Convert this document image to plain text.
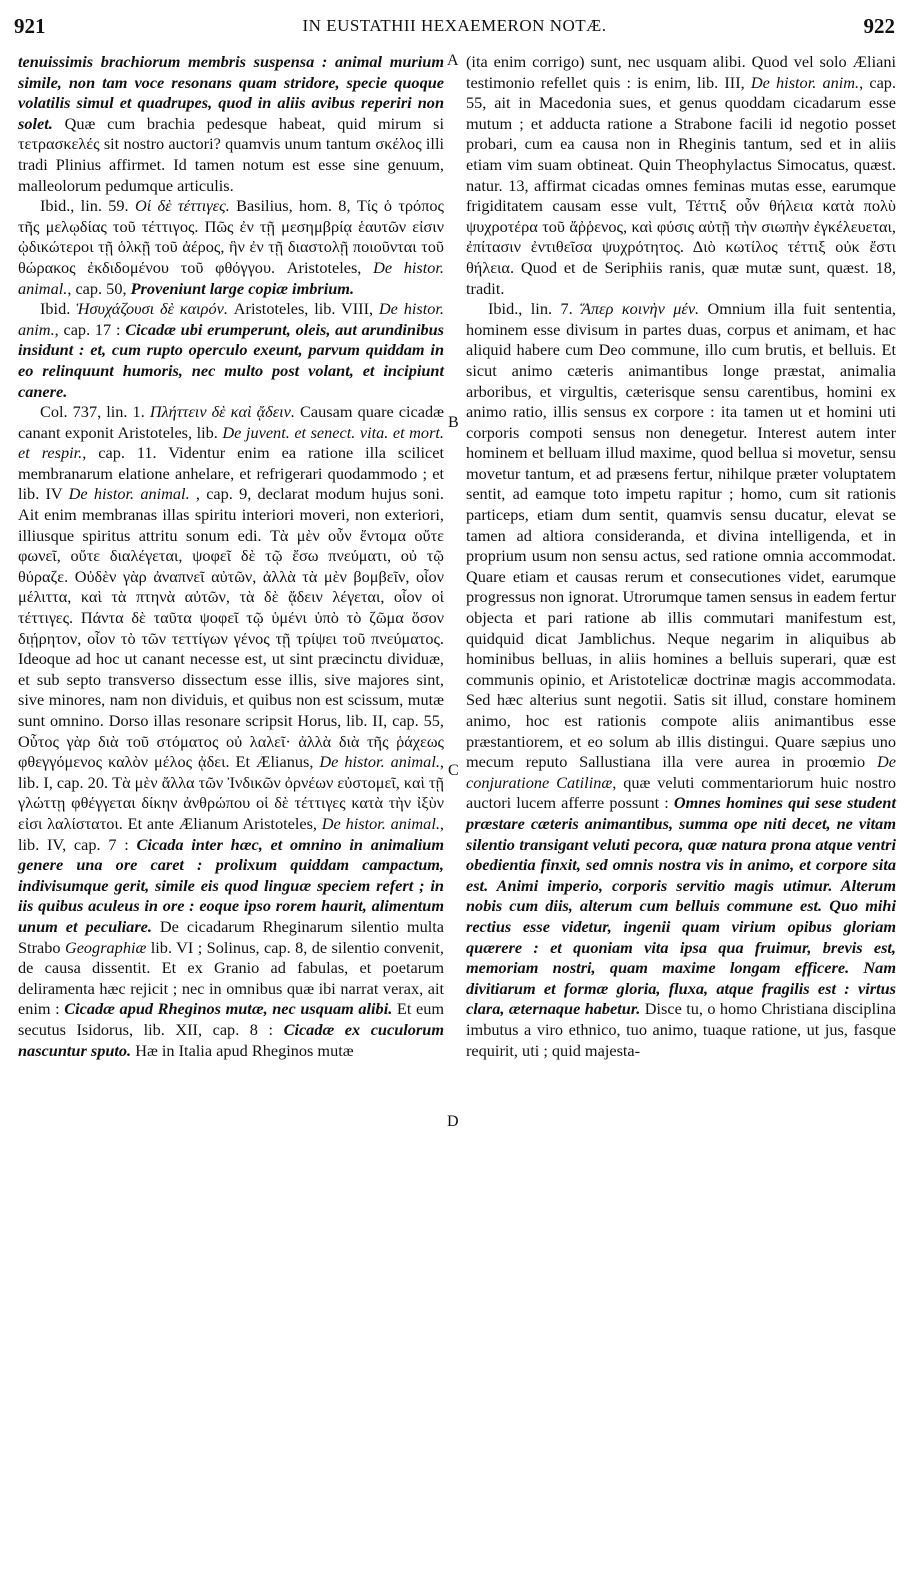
921	IN EUSTATHII HEXAEMERON NOTÆ.	922

tenuissimis brachiorum membris suspensa : animal murium simile, non tam voce resonans quam stridore, specie quoque volatilis simul et quadrupes, quod in aliis avibus reperiri non solet. Quæ cum brachia pedesque habeat, quid mirum si τετρασκελές sit nostro auctori? quamvis unum tantum σκέλος illi tradi Plinius affirmet. Id tamen notum est esse sine genuum, malleolorum pedumque articulis.

Ibid., lin. 59. Οἱ δὲ τέττιγες. Basilius, hom. 8, Τίς ὁ τρόπος τῆς μελῳδίας τοῦ τέττιγος. Πῶς ἐν τῇ μεσημβρίᾳ ἑαυτῶν εἰσιν ᾠδικώτεροι τῇ ὁλκῇ τοῦ ἀέρος, ἣν ἐν τῇ διαστολῇ ποιοῦνται τοῦ θώρακος ἐκδιδομένου τοῦ φθόγγου. Aristoteles, De histor. animal., cap. 50, Proveniunt large copiæ imbrium.

Ibid. Ἡσυχάζουσι δὲ καιρόν. Aristoteles, lib. VIII, De histor. anim., cap. 17 : Cicadæ ubi erumperunt, oleis, aut arundinibus insidunt : et, cum rupto operculo exeunt, parvum quiddam in eo relinquunt humoris, nec multo post volant, et incipiunt canere.

Col. 737, lin. 1. Πλήττειν δὲ καὶ ᾄδειν. Causam quare cicadæ canant exponit Aristoteles, lib. De juvent. et senect. vita. et mort. et respir., cap. 11. Videntur enim ea ratione illa scilicet membranarum elatione anhelare, et refrigerari quodammodo ; et lib. IV De histor. animal. , cap. 9, declarat modum hujus soni. Ait enim membranas illas spiritu interiori moveri, non exteriori, illiusque spiritus attritu sonum edi. Τὰ μὲν οὖν ἔντομα οὔτε φωνεῖ, οὔτε διαλέγεται, ψοφεῖ δὲ τῷ ἔσω πνεύματι, οὐ τῷ θύραζε. Οὐδὲν γὰρ ἀναπνεῖ αὐτῶν, ἀλλὰ τὰ μὲν βομβεῖν, οἷον μέλιττα, καὶ τὰ πτηνὰ αὐτῶν, τὰ δὲ ᾄδειν λέγεται, οἷον οἱ τέττιγες. Πάντα δὲ ταῦτα ψοφεῖ τῷ ὑμένι ὑπὸ τὸ ζῶμα ὅσον διῄρητον, οἷον τὸ τῶν τεττίγων γένος τῇ τρίψει τοῦ πνεύματος. Ideoque ad hoc ut canant necesse est, ut sint præcinctu dividuæ, et sub septo transverso dissectum esse illis, sive majores sint, sive minores, nam non dividuis, et quibus non est scissum, mutæ sunt omnino. Dorso illas resonare scripsit Horus, lib. II, cap. 55, Οὗτος γὰρ διὰ τοῦ στόματος οὐ λαλεῖ· ἀλλὰ διὰ τῆς ῥάχεως φθεγγόμενος καλὸν μέλος ᾀδει. Et Ælianus, De histor. animal., lib. I, cap. 20. Τὰ μὲν ἄλλα τῶν Ἰνδικῶν ὀρνέων εὐστομεῖ, καὶ τῇ γλώττῃ φθέγγεται δίκην ἀνθρώπου οἱ δὲ τέττιγες κατὰ τὴν ἰξὺν εἰσι λαλίστατοι. Et ante Ælianum Aristoteles, De histor. animal., lib. IV, cap. 7 : Cicada inter hæc, et omnino in animalium genere una ore caret : prolixum quiddam campactum, indivisumque gerit, simile eis quod linguæ speciem refert ; in iis quibus aculeus in ore : eoque ipso rorem haurit, alimentum unum et peculiare. De cicadarum Rheginarum silentio multa Strabo Geographiæ lib. VI ; Solinus, cap. 8, de silentio convenit, de causa dissentit. Et ex Granio ad fabulas, et poetarum deliramenta hæc rejicit ; nec in omnibus quæ ibi narrat verax, ait enim : Cicadæ apud Rheginos mutæ, nec usquam alibi. Et eum secutus Isidorus, lib. XII, cap. 8 : Cicadæ ex cuculorum nascuntur sputo. Hæ in Italia apud Rheginos mutæ

(ita enim corrigo) sunt, nec usquam alibi. Quod vel solo Æliani testimonio refellet quis : is enim, lib. III, De histor. anim., cap. 55, ait in Macedonia sues, et genus quoddam cicadarum esse mutum ; et adducta ratione a Strabone facili id negotio posset probari, cum ea causa non in Rheginis tantum, sed et in aliis etiam vim suam obtineat. Quin Theophylactus Simocatus, quæst. natur. 13, affirmat cicadas omnes feminas mutas esse, earumque frigiditatem causam esse vult, Τέττιξ οὖν θήλεια κατὰ πολὺ ψυχροτέρα τοῦ ἄῤῥενος, καὶ φύσις αὐτῇ τὴν σιωπὴν ἐγκέλευεται, ἐπίτασιν ἐντιθεῖσα ψυχρότητος. Διὸ κωτίλος τέττιξ οὐκ ἔστι θήλεια. Quod et de Seriphiis ranis, quæ mutæ sunt, quæst. 18, tradit.

Ibid., lin. 7. Ἅπερ κοινὴν μέν. Omnium illa fuit sententia, hominem esse divisum in partes duas, corpus et animam, et hac aliquid habere cum Deo commune, illo cum brutis, et belluis. Et sicut animo cæteris animantibus longe præstat, animalia arboribus, et virgultis, cæterisque sensu carentibus, homini ex animo ratio, illis sensus ex corpore : ita tamen ut et homini uti corporis compoti sensus non denegetur. Interest autem inter hominem et belluam illud maxime, quod bellua si movetur, sensu movetur tantum, et ad præsens fertur, nihilque præter voluptatem sentit, ad eamque toto impetu rapitur ; homo, cum sit rationis particeps, etiam dum sentit, quamvis sensu ducatur, elevat se tamen ad altiora consideranda, et divina intelligenda, et in proprium usum non sensu actus, sed ratione omnia accommodat. Quare etiam et causas rerum et consecutiones videt, earumque progressus non ignorat. Utrorumque tamen sensus in eadem fertur objecta et pari ratione ab illis commutari manifestum est, quidquid dicat Jamblichus. Neque negarim in aliquibus ab hominibus belluas, in aliis homines a belluis superari, quæ est communis opinio, et Aristotelicæ doctrinæ magis accommodata. Sed hæc alterius sunt negotii. Satis sit illud, constare hominem animo, hoc est rationis compote aliis animantibus esse præstantiorem, et eo solum ab illis distingui. Quare sæpius uno mecum reputo Sallustiana illa vere aurea in proœmio De conjuratione Catilinæ, quæ veluti commentariorum huic nostro auctori lucem afferre possunt : Omnes homines qui sese student præstare cæteris animantibus, summa ope niti decet, ne vitam silentio transigant veluti pecora, quæ natura prona atque ventri obedientia finxit, sed omnis nostra vis in animo, et corpore sita est. Animi imperio, corporis servitio magis utimur. Alterum nobis cum diis, alterum cum belluis commune est. Quo mihi rectius esse videtur, ingenii quam virium opibus gloriam quærere : et quoniam vita ipsa qua fruimur, brevis est, memoriam nostri, quam maxime longam efficere. Nam divitiarum et formæ gloria, fluxa, atque fragilis est : virtus clara, æternaque habetur. Disce tu, o homo Christiana disciplina imbutus a viro ethnico, tuo animo, tuaque ratione, ut jus, fasque requirit, uti ; quid majesta-

A
B
C
D
